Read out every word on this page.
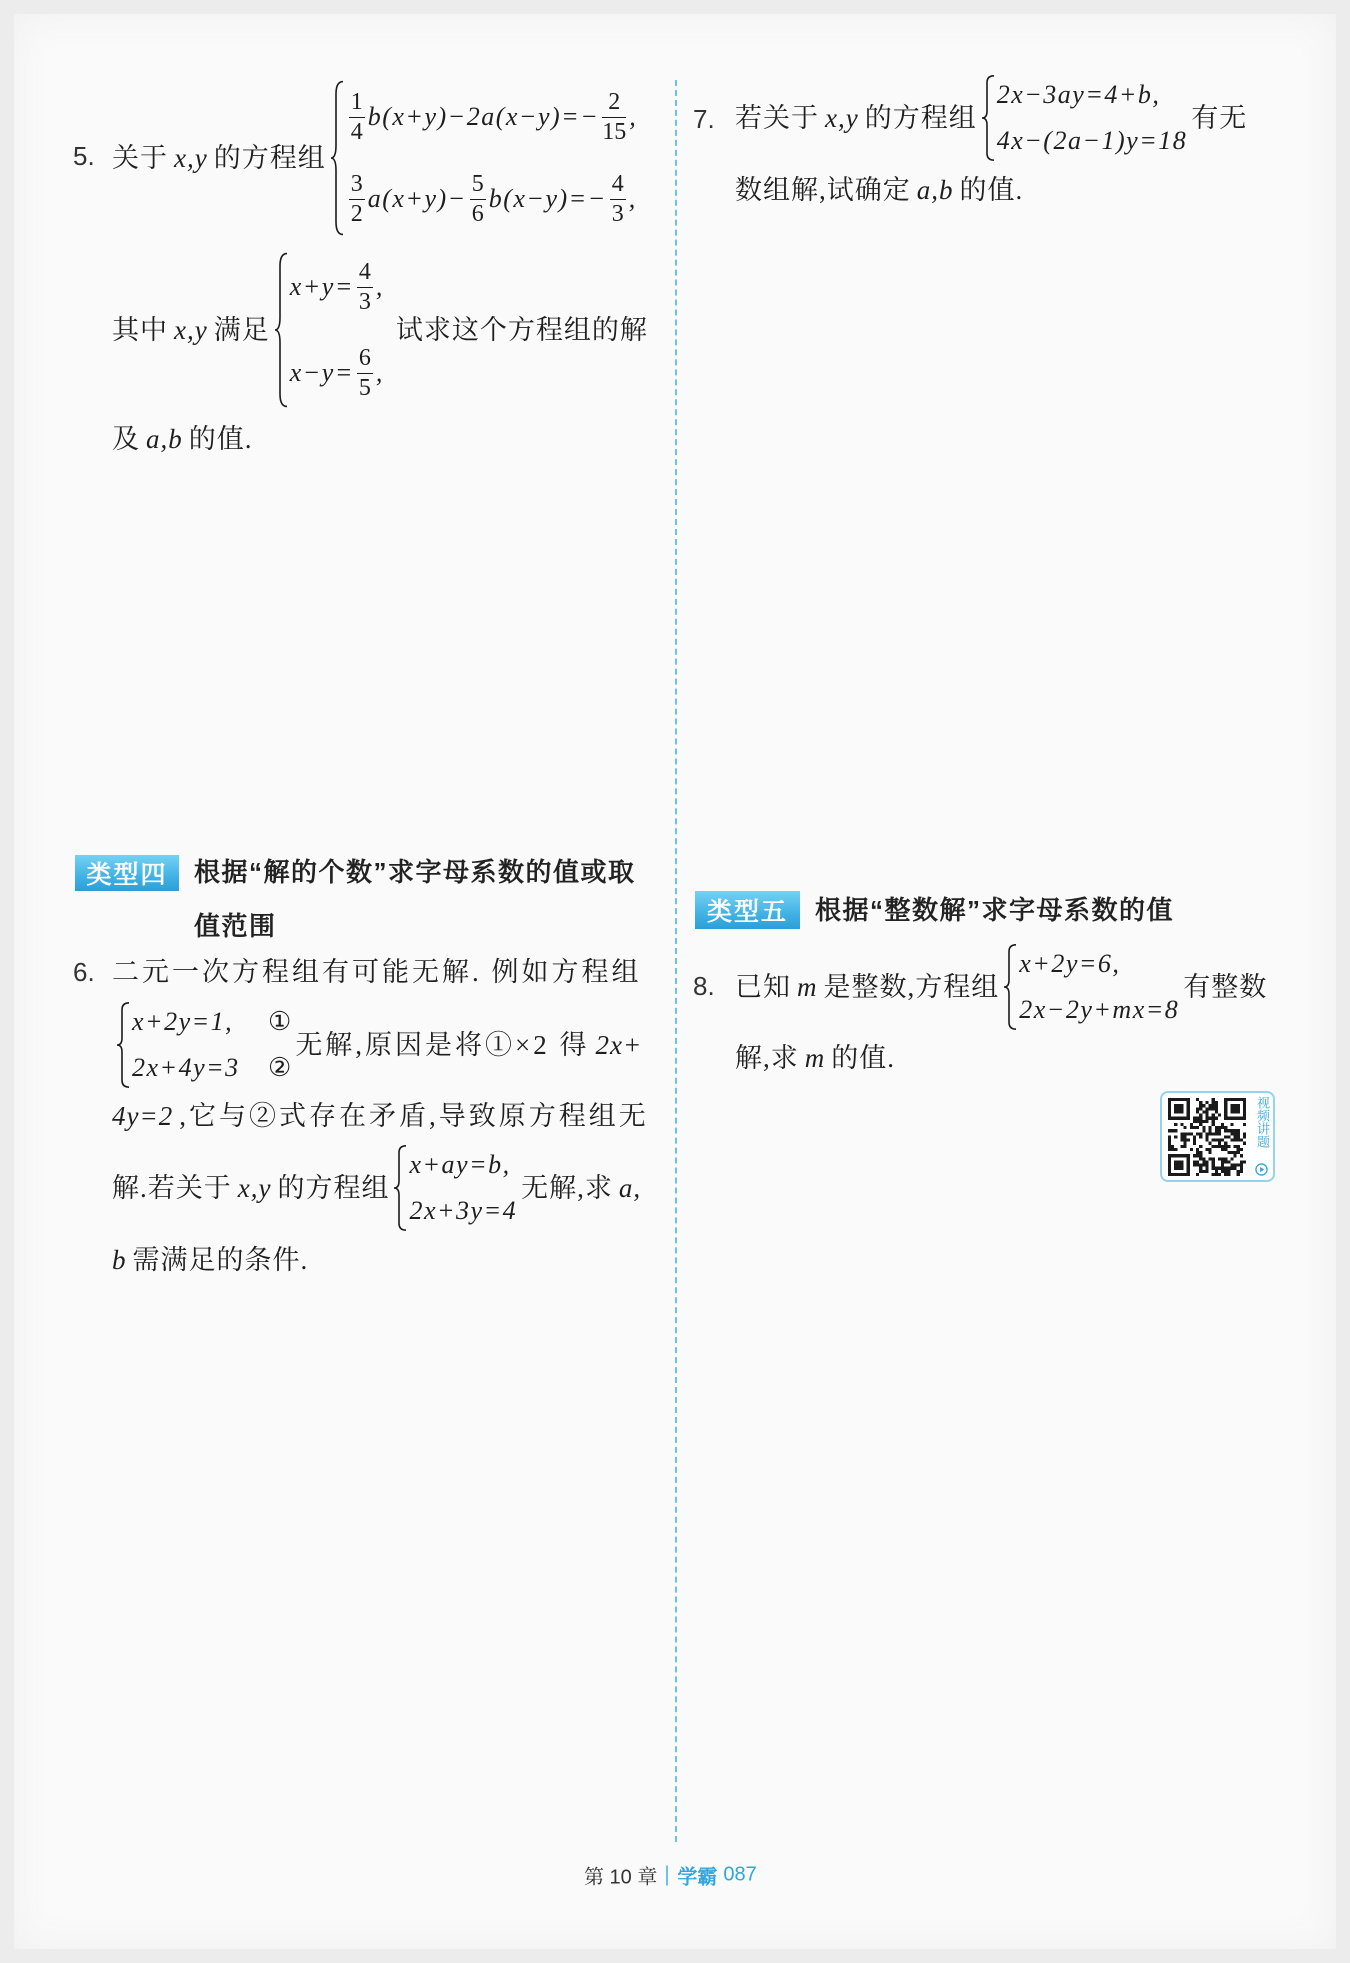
5. 关于 x,y 的方程组
$\frac{1}{4} b(x+y)-2a(x-y)=- \frac{2}{15}$ ,
$\frac{3}{2} a(x+y)- \frac{5}{6} b(x-y)=- \frac{4}{3}$ ,
其中 x,y 满足
$x+y= \frac{4}{3}$ ,
$x-y= \frac{6}{5}$ ,
试求这个方程组的解
及 a,b 的值.
类型四	根据“解的个数”求字母系数的值或取
值范围
6. 二元一次方程组有可能无解. 例如方程组
x+2y=1,	①
2x+4y=3	②
无解,原因是将①×2 得 2x+
4y=2 ,它与②式存在矛盾,导致原方程组无
解.若关于 x,y 的方程组
x+ay=b,
2x+3y=4
无解,求 a,
b 需满足的条件.
7. 若关于 x,y 的方程组
2x−3ay=4+b,
4x−(2a−1)y=18
有无
数组解,试确定 a,b 的值.
类型五	根据“整数解”求字母系数的值
8. 已知 m 是整数,方程组
x+2y=6,
2x−2y+mx=8
有整数
解,求 m 的值.
视频讲题
第 10 章 学霸 087
